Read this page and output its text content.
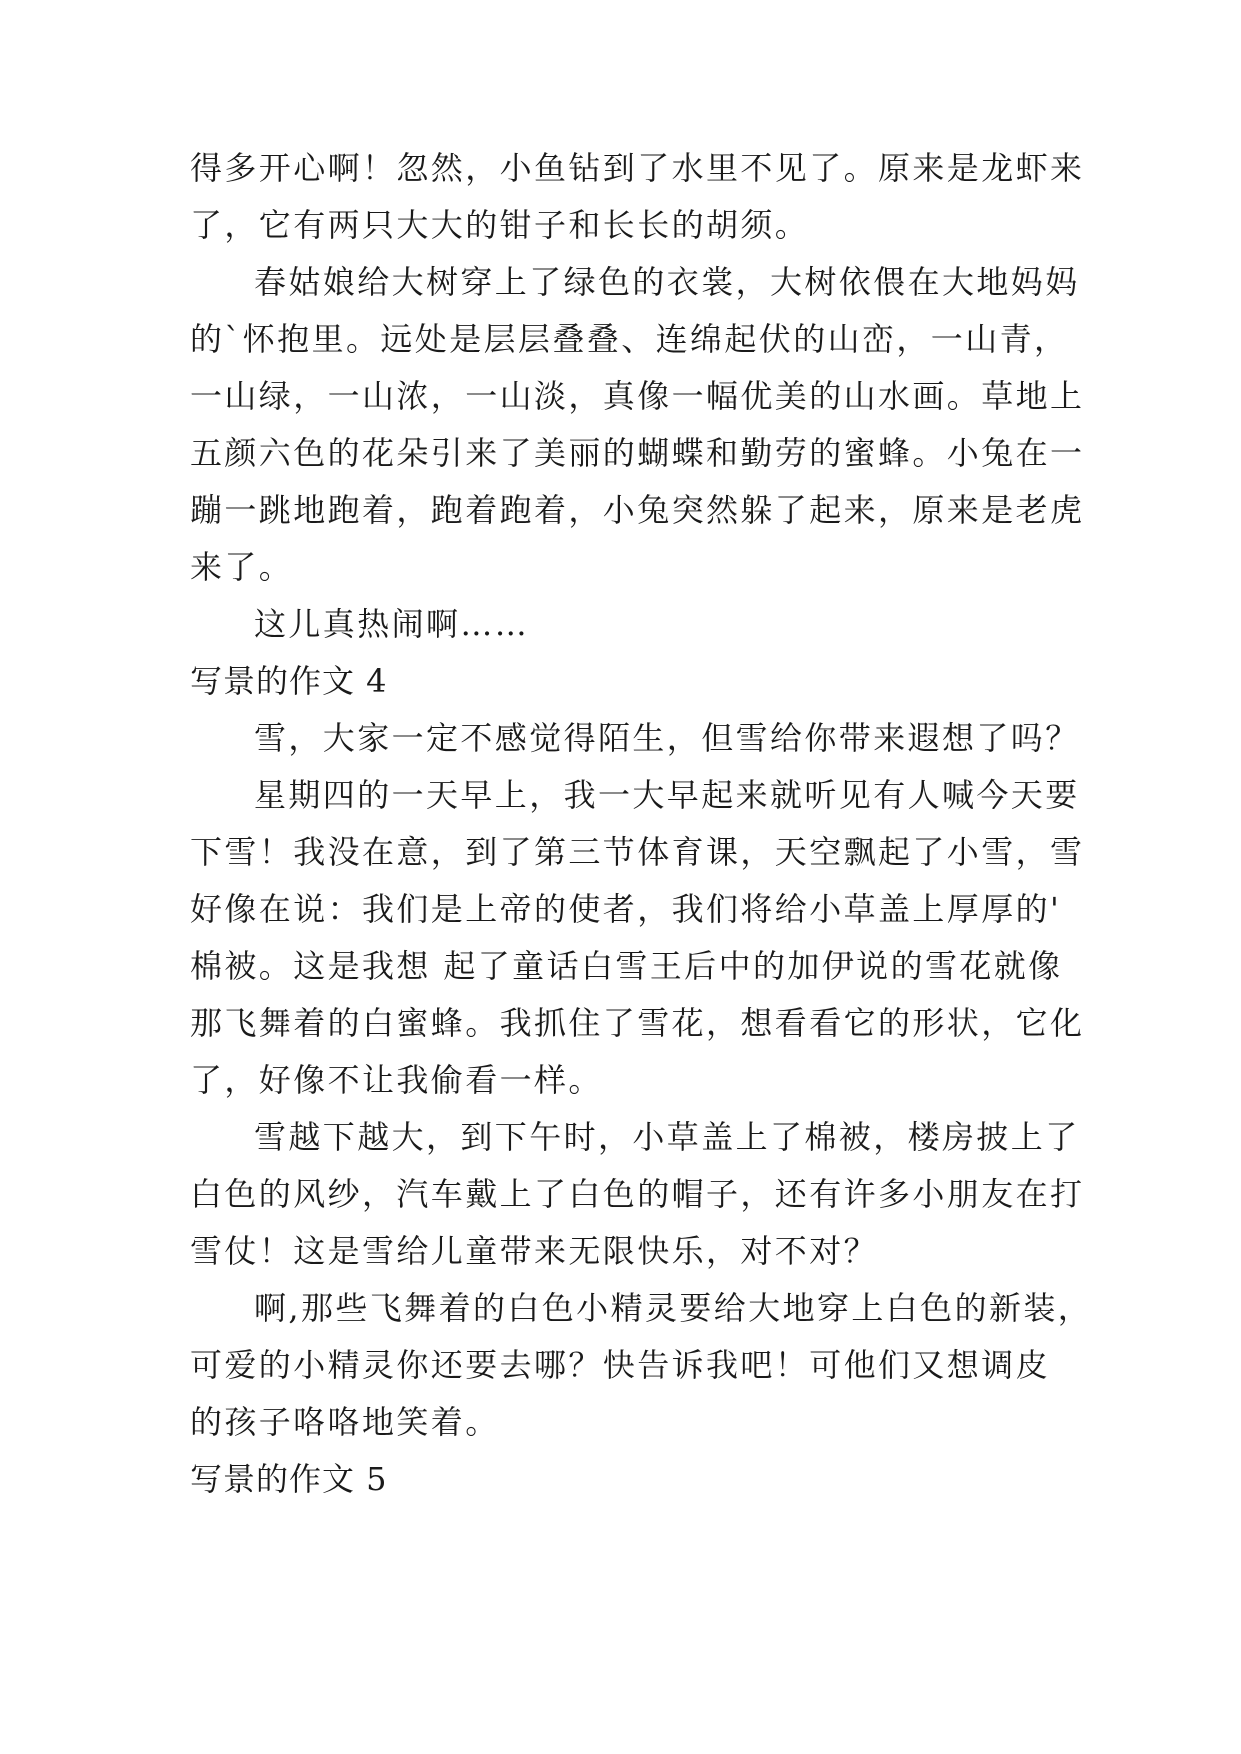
得多开心啊！忽然，小鱼钻到了水里不见了。原来是龙虾来
了，它有两只大大的钳子和长长的胡须。
春姑娘给大树穿上了绿色的衣裳，大树依偎在大地妈妈
的`怀抱里。远处是层层叠叠、连绵起伏的山峦，一山青，
一山绿，一山浓，一山淡，真像一幅优美的山水画。草地上
五颜六色的花朵引来了美丽的蝴蝶和勤劳的蜜蜂。小兔在一
蹦一跳地跑着，跑着跑着，小兔突然躲了起来，原来是老虎
来了。
这儿真热闹啊……
写景的作文 4
雪，大家一定不感觉得陌生，但雪给你带来遐想了吗？
星期四的一天早上，我一大早起来就听见有人喊今天要
下雪！我没在意，到了第三节体育课，天空飘起了小雪，雪
好像在说：我们是上帝的使者，我们将给小草盖上厚厚的'
棉被。这是我想 起了童话白雪王后中的加伊说的雪花就像
那飞舞着的白蜜蜂。我抓住了雪花，想看看它的形状，它化
了，好像不让我偷看一样。
雪越下越大，到下午时，小草盖上了棉被，楼房披上了
白色的风纱，汽车戴上了白色的帽子，还有许多小朋友在打
雪仗！这是雪给儿童带来无限快乐，对不对？
啊,那些飞舞着的白色小精灵要给大地穿上白色的新装，
可爱的小精灵你还要去哪？快告诉我吧！可他们又想调皮
的孩子咯咯地笑着。
写景的作文 5
